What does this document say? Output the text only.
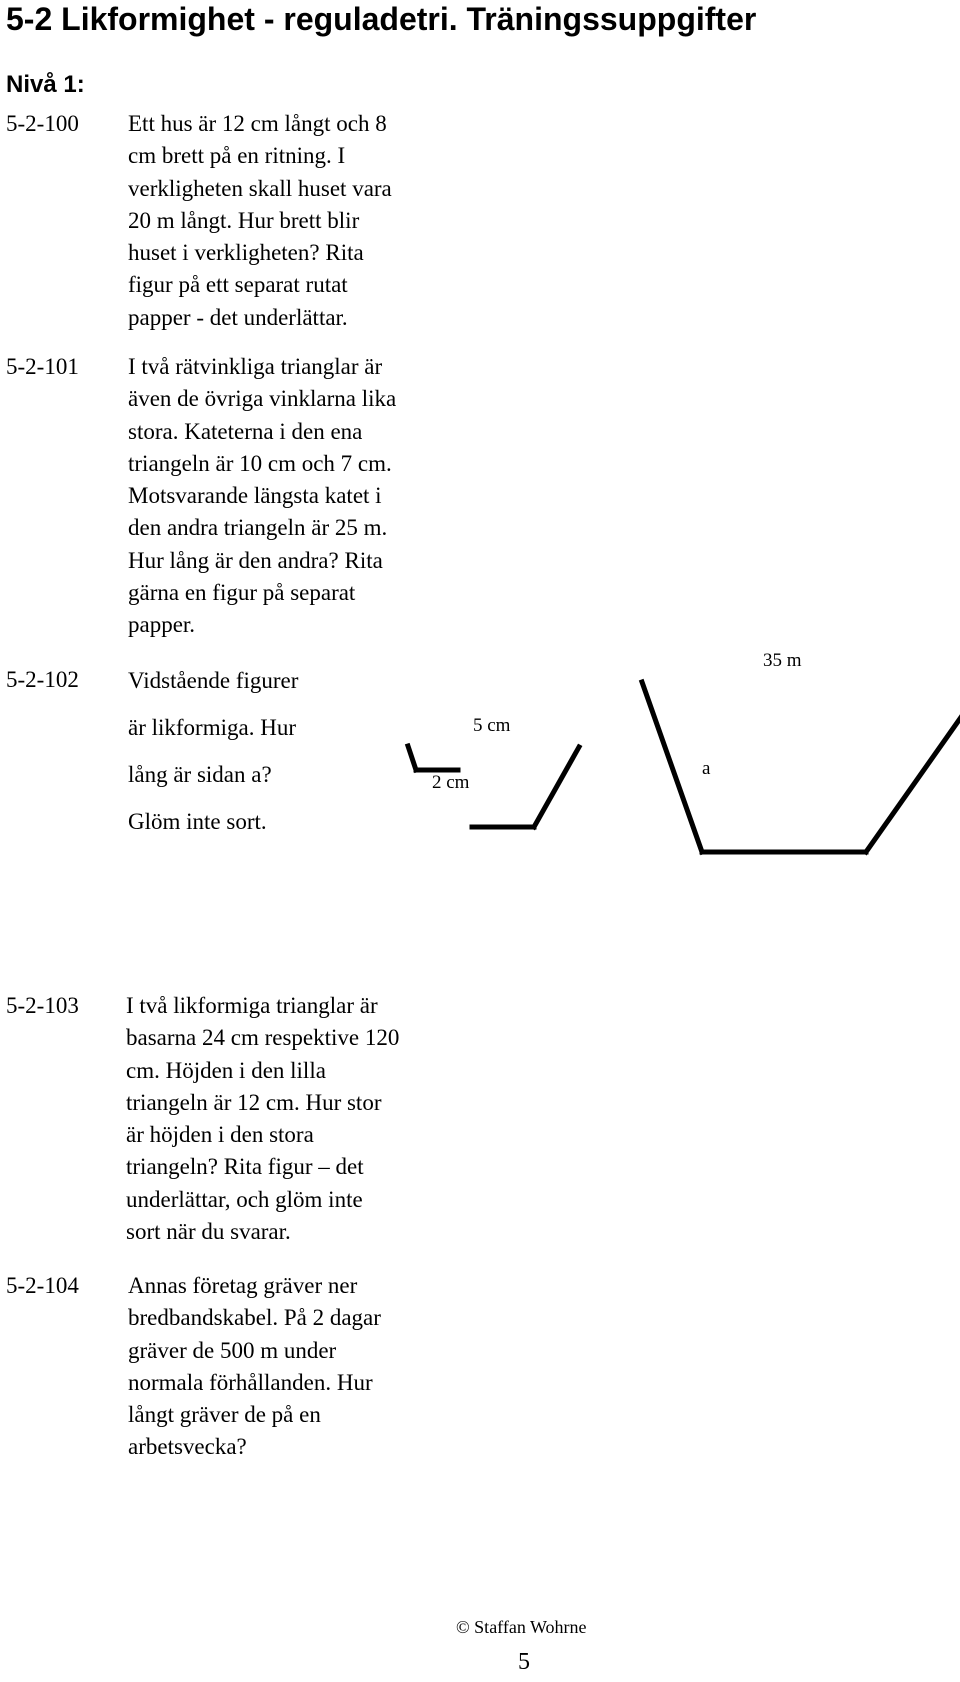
5-2 Likformighet - reguladetri. Träningssuppgifter
Nivå 1:
5-2-100 Ett hus är 12 cm långt och 8
cm brett på en ritning. I
verkligheten skall huset vara
20 m långt. Hur brett blir
huset i verkligheten? Rita
figur på ett separat rutat
papper - det underlättar.
5-2-101 I två rätvinkliga trianglar är
även de övriga vinklarna lika
stora. Kateterna i den ena
triangeln är 10 cm och 7 cm.
Motsvarande längsta katet i
den andra triangeln är 25 m.
Hur lång är den andra? Rita
gärna en figur på separat
papper.
5-2-102 Vidstående figurer
är likformiga. Hur
lång är sidan a?
Glöm inte sort.
5 cm
2 cm
35 m
a
5-2-103 I två likformiga trianglar är
basarna 24 cm respektive 120
cm. Höjden i den lilla
triangeln är 12 cm. Hur stor
är höjden i den stora
triangeln? Rita figur – det
underlättar, och glöm inte
sort när du svarar.
5-2-104 Annas företag gräver ner
bredbandskabel. På 2 dagar
gräver de 500 m under
normala förhållanden. Hur
långt gräver de på en
arbetsvecka?
© Staffan Wohrne
5
